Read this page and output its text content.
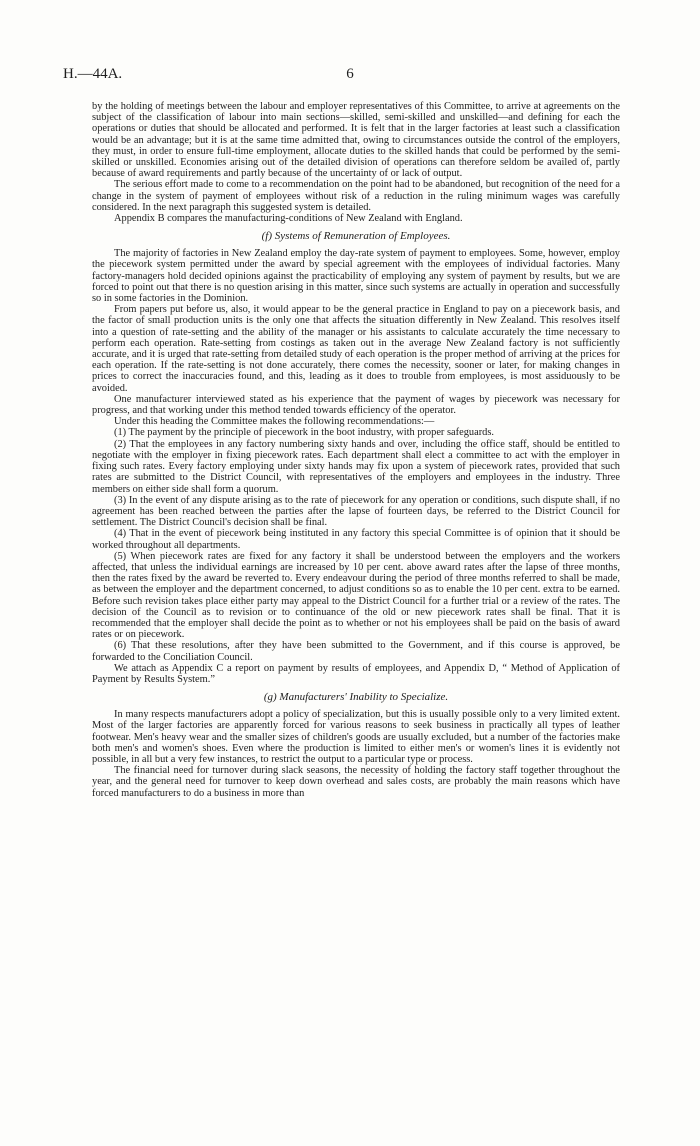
H.—44A.	6

by the holding of meetings between the labour and employer representatives of this Committee, to arrive at agreements on the subject of the classification of labour into main sections—skilled, semi-skilled and unskilled—and defining for each the operations or duties that should be allocated and performed. It is felt that in the larger factories at least such a classification would be an advantage; but it is at the same time admitted that, owing to circumstances outside the control of the employers, they must, in order to ensure full-time employment, allocate duties to the skilled hands that could be performed by the semi-skilled or unskilled. Economies arising out of the detailed division of operations can therefore seldom be availed of, partly because of award requirements and partly because of the uncertainty of or lack of output.

The serious effort made to come to a recommendation on the point had to be abandoned, but recognition of the need for a change in the system of payment of employees without risk of a reduction in the ruling minimum wages was carefully considered. In the next paragraph this suggested system is detailed.

Appendix B compares the manufacturing-conditions of New Zealand with England.

(f) Systems of Remuneration of Employees.

The majority of factories in New Zealand employ the day-rate system of payment to employees. Some, however, employ the piecework system permitted under the award by special agreement with the employees of individual factories. Many factory-managers hold decided opinions against the practicability of employing any system of payment by results, but we are forced to point out that there is no question arising in this matter, since such systems are actually in operation and successfully so in some factories in the Dominion.

From papers put before us, also, it would appear to be the general practice in England to pay on a piecework basis, and the factor of small production units is the only one that affects the situation differently in New Zealand. This resolves itself into a question of rate-setting and the ability of the manager or his assistants to calculate accurately the time necessary to perform each operation. Rate-setting from costings as taken out in the average New Zealand factory is not sufficiently accurate, and it is urged that rate-setting from detailed study of each operation is the proper method of arriving at the prices for each operation. If the rate-setting is not done accurately, there comes the necessity, sooner or later, for making changes in prices to correct the inaccuracies found, and this, leading as it does to trouble from employees, is most assiduously to be avoided.

One manufacturer interviewed stated as his experience that the payment of wages by piecework was necessary for progress, and that working under this method tended towards efficiency of the operator.

Under this heading the Committee makes the following recommendations:—

(1) The payment by the principle of piecework in the boot industry, with proper safeguards.

(2) That the employees in any factory numbering sixty hands and over, including the office staff, should be entitled to negotiate with the employer in fixing piecework rates. Each department shall elect a committee to act with the employer in fixing such rates. Every factory employing under sixty hands may fix upon a system of piecework rates, provided that such rates are submitted to the District Council, with representatives of the employers and employees in the industry. Three members on either side shall form a quorum.

(3) In the event of any dispute arising as to the rate of piecework for any operation or conditions, such dispute shall, if no agreement has been reached between the parties after the lapse of fourteen days, be referred to the District Council for settlement. The District Council's decision shall be final.

(4) That in the event of piecework being instituted in any factory this special Committee is of opinion that it should be worked throughout all departments.

(5) When piecework rates are fixed for any factory it shall be understood between the employers and the workers affected, that unless the individual earnings are increased by 10 per cent. above award rates after the lapse of three months, then the rates fixed by the award be reverted to. Every endeavour during the period of three months referred to shall be made, as between the employer and the department concerned, to adjust conditions so as to enable the 10 per cent. extra to be earned. Before such revision takes place either party may appeal to the District Council for a further trial or a review of the rates. The decision of the Council as to revision or to continuance of the old or new piecework rates shall be final. That it is recommended that the employer shall decide the point as to whether or not his employees shall be paid on the basis of award rates or on piecework.

(6) That these resolutions, after they have been submitted to the Government, and if this course is approved, be forwarded to the Conciliation Council.

We attach as Appendix C a report on payment by results of employees, and Appendix D, “ Method of Application of Payment by Results System.”

(g) Manufacturers' Inability to Specialize.

In many respects manufacturers adopt a policy of specialization, but this is usually possible only to a very limited extent. Most of the larger factories are apparently forced for various reasons to seek business in practically all types of leather footwear. Men's heavy wear and the smaller sizes of children's goods are usually excluded, but a number of the factories make both men's and women's shoes. Even where the production is limited to either men's or women's lines it is evidently not possible, in all but a very few instances, to restrict the output to a particular type or process.

The financial need for turnover during slack seasons, the necessity of holding the factory staff together throughout the year, and the general need for turnover to keep down overhead and sales costs, are probably the main reasons which have forced manufacturers to do a business in more than
